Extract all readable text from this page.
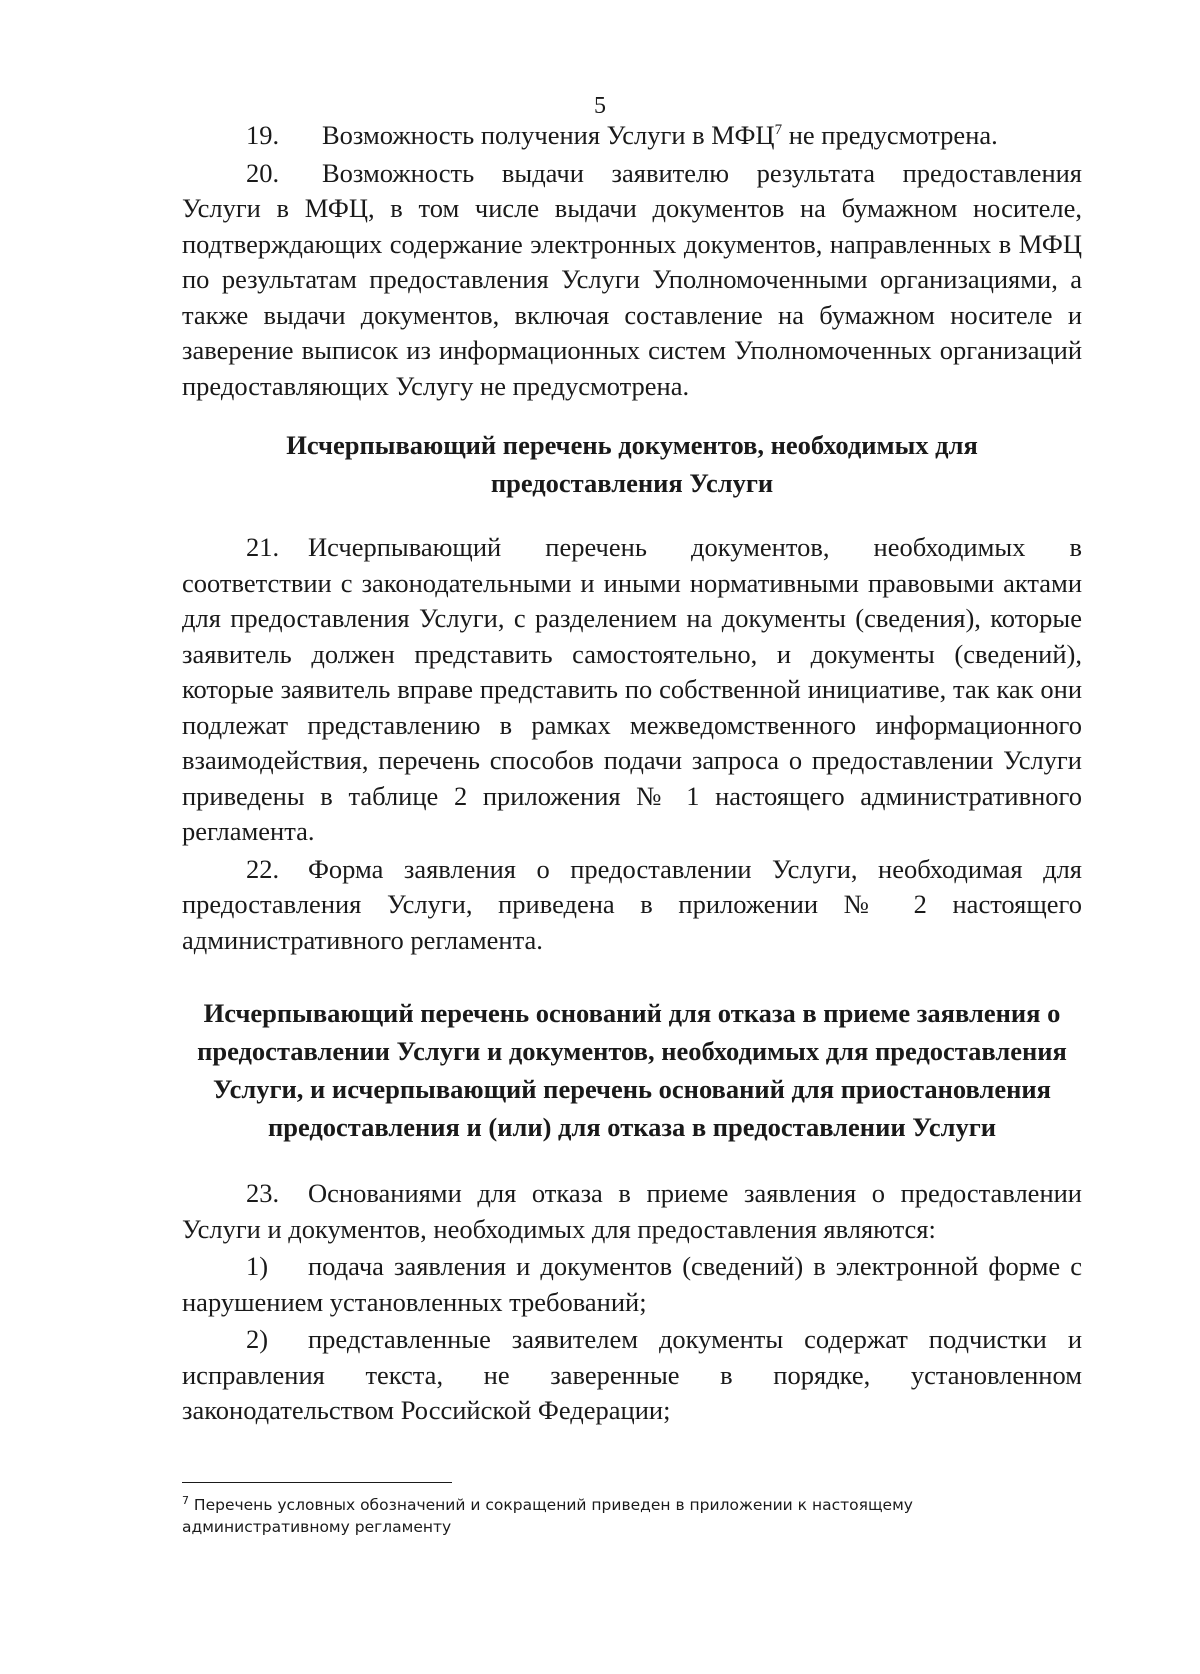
5

19. Возможность получения Услуги в МФЦ$^7$ не предусмотрена.

20. Возможность выдачи заявителю результата предоставления Услуги в МФЦ, в том числе выдачи документов на бумажном носителе, подтверждающих содержание электронных документов, направленных в МФЦ по результатам предоставления Услуги Уполномоченными организациями, а также выдачи документов, включая составление на бумажном носителе и заверение выписок из информационных систем Уполномоченных организаций предоставляющих Услугу не предусмотрена.

Исчерпывающий перечень документов, необходимых для предоставления Услуги

21. Исчерпывающий перечень документов, необходимых в соответствии с законодательными и иными нормативными правовыми актами для предоставления Услуги, с разделением на документы (сведения), которые заявитель должен представить самостоятельно, и документы (сведений), которые заявитель вправе представить по собственной инициативе, так как они подлежат представлению в рамках межведомственного информационного взаимодействия, перечень способов подачи запроса о предоставлении Услуги приведены в таблице 2 приложения № 1 настоящего административного регламента.

22. Форма заявления о предоставлении Услуги, необходимая для предоставления Услуги, приведена в приложении № 2 настоящего административного регламента.

Исчерпывающий перечень оснований для отказа в приеме заявления о предоставлении Услуги и документов, необходимых для предоставления Услуги, и исчерпывающий перечень оснований для приостановления предоставления и (или) для отказа в предоставлении Услуги

23. Основаниями для отказа в приеме заявления о предоставлении Услуги и документов, необходимых для предоставления являются:

1) подача заявления и документов (сведений) в электронной форме с нарушением установленных требований;

2) представленные заявителем документы содержат подчистки и исправления текста, не заверенные в порядке, установленном законодательством Российской Федерации;

$^7$ Перечень условных обозначений и сокращений приведен в приложении к настоящему административному регламенту
